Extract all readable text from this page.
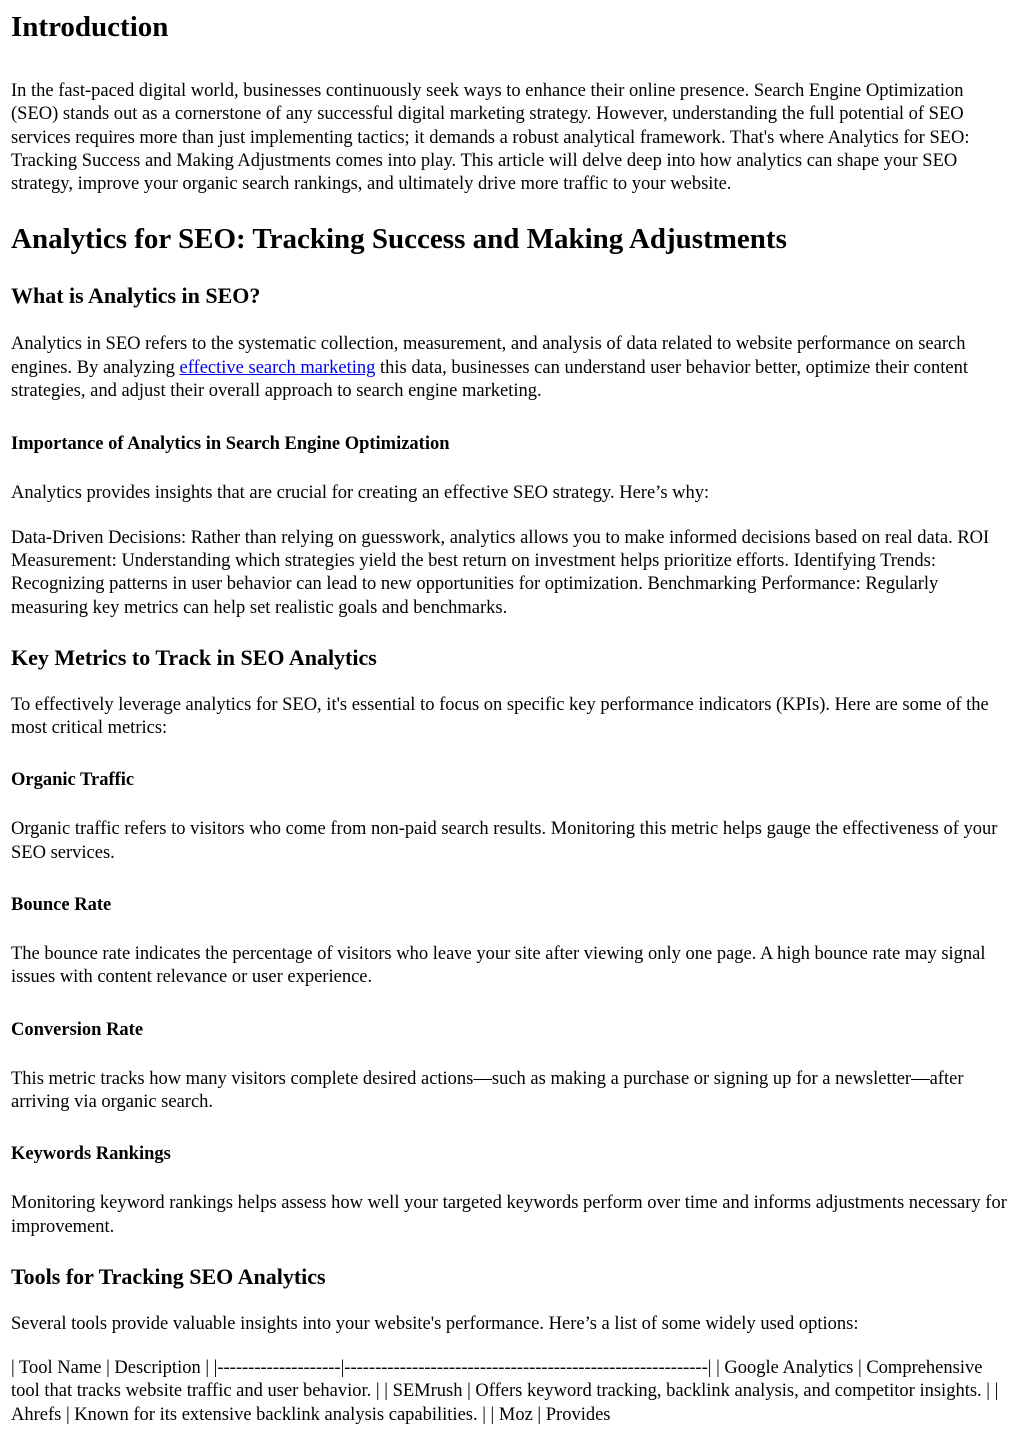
Introduction

In the fast-paced digital world, businesses continuously seek ways to enhance their online presence. Search Engine Optimization (SEO) stands out as a cornerstone of any successful digital marketing strategy. However, understanding the full potential of SEO services requires more than just implementing tactics; it demands a robust analytical framework. That's where Analytics for SEO: Tracking Success and Making Adjustments comes into play. This article will delve deep into how analytics can shape your SEO strategy, improve your organic search rankings, and ultimately drive more traffic to your website.

Analytics for SEO: Tracking Success and Making Adjustments
What is Analytics in SEO?

Analytics in SEO refers to the systematic collection, measurement, and analysis of data related to website performance on search engines. By analyzing effective search marketing this data, businesses can understand user behavior better, optimize their content strategies, and adjust their overall approach to search engine marketing.

Importance of Analytics in Search Engine Optimization

Analytics provides insights that are crucial for creating an effective SEO strategy. Here’s why:

Data-Driven Decisions: Rather than relying on guesswork, analytics allows you to make informed decisions based on real data. ROI Measurement: Understanding which strategies yield the best return on investment helps prioritize efforts. Identifying Trends: Recognizing patterns in user behavior can lead to new opportunities for optimization. Benchmarking Performance: Regularly measuring key metrics can help set realistic goals and benchmarks.

Key Metrics to Track in SEO Analytics

To effectively leverage analytics for SEO, it's essential to focus on specific key performance indicators (KPIs). Here are some of the most critical metrics:

Organic Traffic

Organic traffic refers to visitors who come from non-paid search results. Monitoring this metric helps gauge the effectiveness of your SEO services.

Bounce Rate

The bounce rate indicates the percentage of visitors who leave your site after viewing only one page. A high bounce rate may signal issues with content relevance or user experience.

Conversion Rate

This metric tracks how many visitors complete desired actions—such as making a purchase or signing up for a newsletter—after arriving via organic search.

Keywords Rankings

Monitoring keyword rankings helps assess how well your targeted keywords perform over time and informs adjustments necessary for improvement.

Tools for Tracking SEO Analytics

Several tools provide valuable insights into your website's performance. Here’s a list of some widely used options:

| Tool Name | Description | |--------------------|-----------------------------------------------------------| | Google Analytics | Comprehensive tool that tracks website traffic and user behavior. | | SEMrush | Offers keyword tracking, backlink analysis, and competitor insights. | | Ahrefs | Known for its extensive backlink analysis capabilities. | | Moz | Provides
